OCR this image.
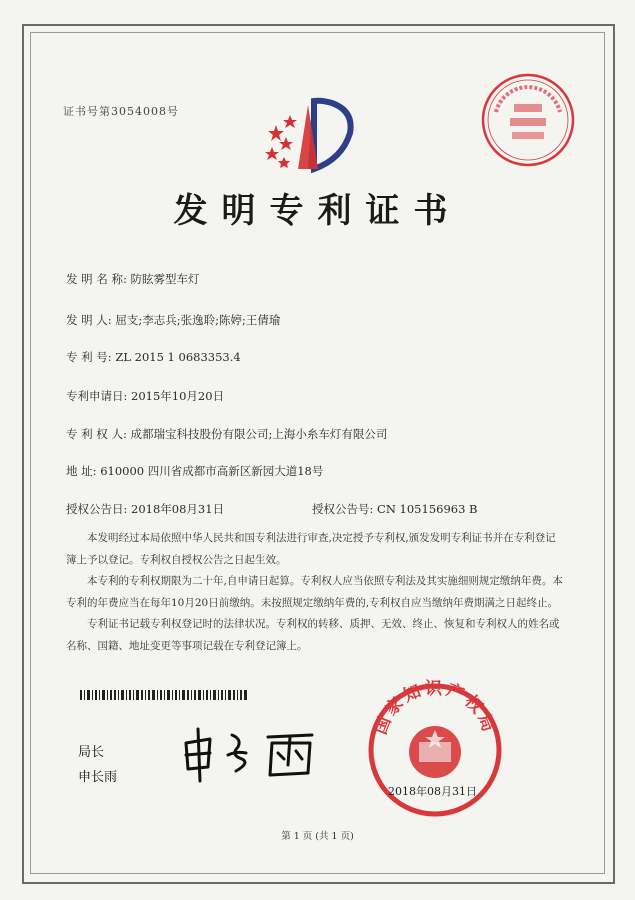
证书号第3054008号
发明专利证书
发 明 名 称: 防眩雾型车灯
发 明 人: 屈支;李志兵;张逸聆;陈婷;王倩瑜
专 利 号: ZL 2015 1 0683353.4
专利申请日: 2015年10月20日
专 利 权 人: 成都瑞宝科技股份有限公司;上海小糸车灯有限公司
地 址: 610000 四川省成都市高新区新园大道18号
授权公告日: 2018年08月31日	授权公告号: CN 105156963 B

本发明经过本局依照中华人民共和国专利法进行审查,决定授予专利权,颁发发明专利证书并在专利登记簿上予以登记。专利权自授权公告之日起生效。

本专利的专利权期限为二十年,自申请日起算。专利权人应当依照专利法及其实施细则规定缴纳年费。本专利的年费应当在每年10月20日前缴纳。未按照规定缴纳年费的,专利权自应当缴纳年费期满之日起终止。

专利证书记载专利权登记时的法律状况。专利权的转移、质押、无效、终止、恢复和专利权人的姓名或名称、国籍、地址变更等事项记载在专利登记簿上。

局长
申长雨
国家知识产权局
2018年08月31日
第 1 页 (共 1 页)
